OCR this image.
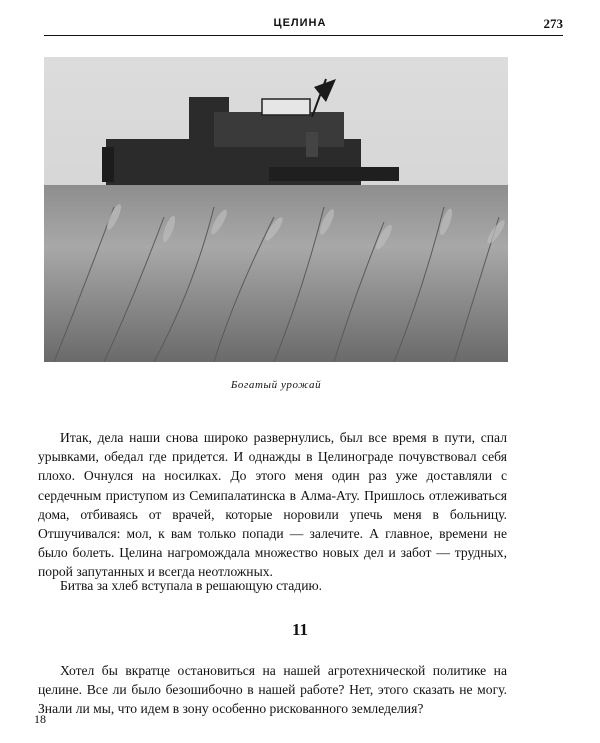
ЦЕЛИНА	273
Богатый урожай

Итак, дела наши снова широко развернулись, был все время в пути, спал урывками, обедал где придется. И однажды в Целинограде почувствовал себя плохо. Очнулся на носилках. До этого меня один раз уже доставляли с сердечным приступом из Семипалатинска в Алма-Ату. Пришлось отлеживаться дома, отбиваясь от врачей, которые норовили упечь меня в больницу. Отшучивался: мол, к вам только попади — залечите. А главное, времени не было болеть. Целина нагромождала множество новых дел и забот — трудных, порой запутанных и всегда неотложных.

Битва за хлеб вступала в решающую стадию.

Хотел бы вкратце остановиться на нашей агротехнической политике на целине. Все ли было безошибочно в нашей работе? Нет, этого сказать не могу. Знали ли мы, что идем в зону особенно рискованного земледелия?

11
18
